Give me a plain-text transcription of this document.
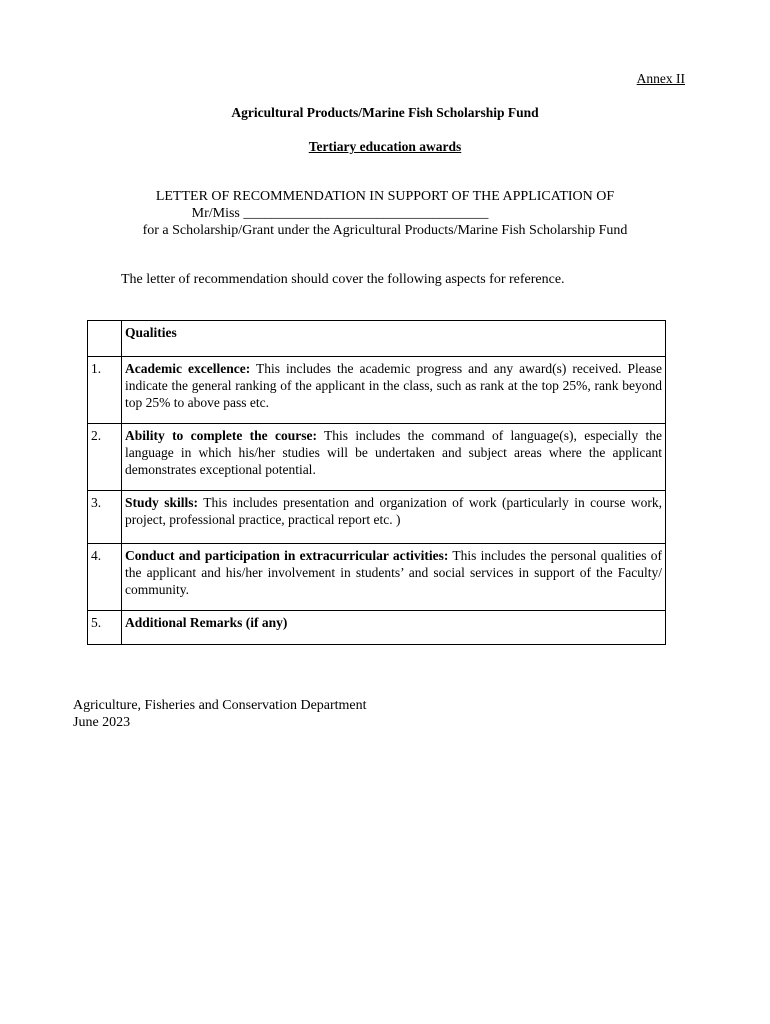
Annex II
Agricultural Products/Marine Fish Scholarship Fund
Tertiary education awards
LETTER OF RECOMMENDATION IN SUPPORT OF THE APPLICATION OF
Mr/Miss ___________________________________
for a Scholarship/Grant under the Agricultural Products/Marine Fish Scholarship Fund
The letter of recommendation should cover the following aspects for reference.
	Qualities
1.	Academic excellence: This includes the academic progress and any award(s) received. Please indicate the general ranking of the applicant in the class, such as rank at the top 25%, rank beyond top 25% to above pass etc.
2.	Ability to complete the course: This includes the command of language(s), especially the language in which his/her studies will be undertaken and subject areas where the applicant demonstrates exceptional potential.
3.	Study skills: This includes presentation and organization of work (particularly in course work, project, professional practice, practical report etc. )
4.	Conduct and participation in extracurricular activities: This includes the personal qualities of the applicant and his/her involvement in students’ and social services in support of the Faculty/ community.
5.	Additional Remarks (if any)
Agriculture, Fisheries and Conservation Department
June 2023
